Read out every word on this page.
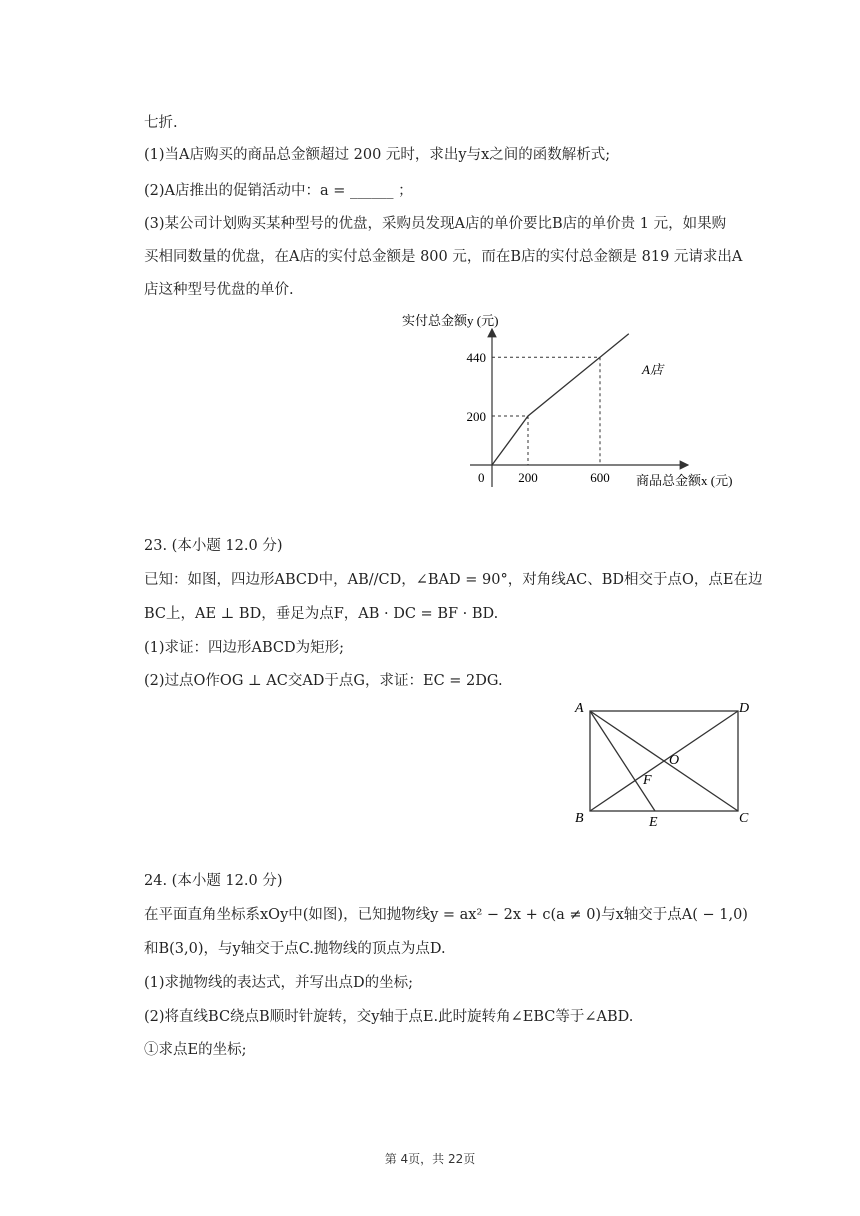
七折.
(1)当A店购买的商品总金额超过 200 元时，求出y与x之间的函数解析式;
(2)A店推出的促销活动中：a = ______ ；
(3)某公司计划购买某种型号的优盘，采购员发现A店的单价要比B店的单价贵 1 元，如果购
买相同数量的优盘，在A店的实付总金额是 800 元，而在B店的实付总金额是 819 元请求出A
店这种型号优盘的单价.
实付总金额y (元)
商品总金额x (元)
0	200	600
200
440
A店
23. (本小题 12.0 分)
已知：如图，四边形ABCD中，AB//CD，∠BAD = 90°，对角线AC、BD相交于点O，点E在边
BC上，AE ⊥ BD，垂足为点F，AB · DC = BF · BD.
(1)求证：四边形ABCD为矩形;
(2)过点O作OG ⊥ AC交AD于点G，求证：EC = 2DG.
A	D
B	C
E
F
O
24. (本小题 12.0 分)
在平面直角坐标系xOy中(如图)，已知抛物线y = ax² − 2x + c(a ≠ 0)与x轴交于点A( − 1,0)
和B(3,0)，与y轴交于点C.抛物线的顶点为点D.
(1)求抛物线的表达式，并写出点D的坐标;
(2)将直线BC绕点B顺时针旋转，交y轴于点E.此时旋转角∠EBC等于∠ABD.
①求点E的坐标;
第 4页，共 22页
